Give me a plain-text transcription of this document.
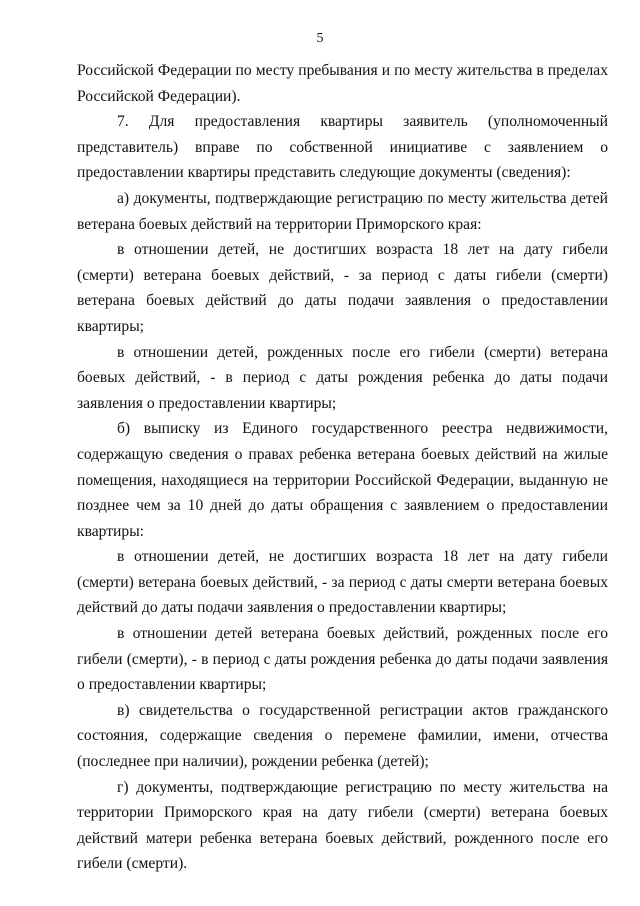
5

Российской Федерации по месту пребывания и по месту жительства в пределах Российской Федерации).

7. Для предоставления квартиры заявитель (уполномоченный представитель) вправе по собственной инициативе с заявлением о предоставлении квартиры представить следующие документы (сведения):

а) документы, подтверждающие регистрацию по месту жительства детей ветерана боевых действий на территории Приморского края:

в отношении детей, не достигших возраста 18 лет на дату гибели (смерти) ветерана боевых действий, - за период с даты гибели (смерти) ветерана боевых действий до даты подачи заявления о предоставлении квартиры;

в отношении детей, рожденных после его гибели (смерти) ветерана боевых действий, - в период с даты рождения ребенка до даты подачи заявления о предоставлении квартиры;

б) выписку из Единого государственного реестра недвижимости, содержащую сведения о правах ребенка ветерана боевых действий на жилые помещения, находящиеся на территории Российской Федерации, выданную не позднее чем за 10 дней до даты обращения с заявлением о предоставлении квартиры:

в отношении детей, не достигших возраста 18 лет на дату гибели (смерти) ветерана боевых действий, - за период с даты смерти ветерана боевых действий до даты подачи заявления о предоставлении квартиры;

в отношении детей ветерана боевых действий, рожденных после его гибели (смерти), - в период с даты рождения ребенка до даты подачи заявления о предоставлении квартиры;

в) свидетельства о государственной регистрации актов гражданского состояния, содержащие сведения о перемене фамилии, имени, отчества (последнее при наличии), рождении ребенка (детей);

г) документы, подтверждающие регистрацию по месту жительства на территории Приморского края на дату гибели (смерти) ветерана боевых действий матери ребенка ветерана боевых действий, рожденного после его гибели (смерти).
